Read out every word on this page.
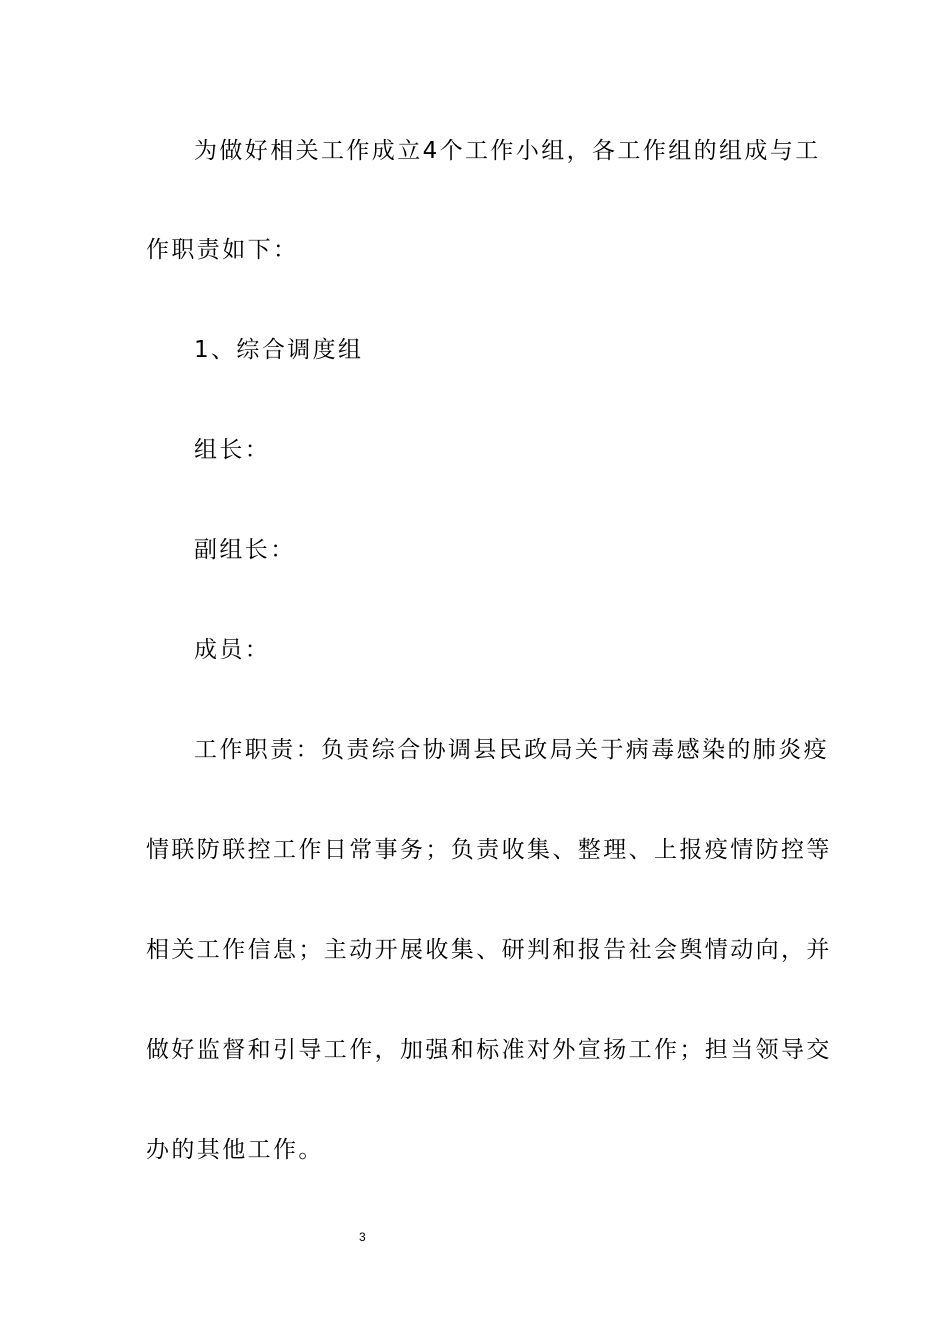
为做好相关工作成立4个工作小组，各工作组的组成与工
作职责如下：
1、综合调度组
组长：
副组长：
成员：
工作职责：负责综合协调县民政局关于病毒感染的肺炎疫
情联防联控工作日常事务；负责收集、整理、上报疫情防控等
相关工作信息；主动开展收集、研判和报告社会舆情动向，并
做好监督和引导工作，加强和标准对外宣扬工作；担当领导交
办的其他工作。
3
